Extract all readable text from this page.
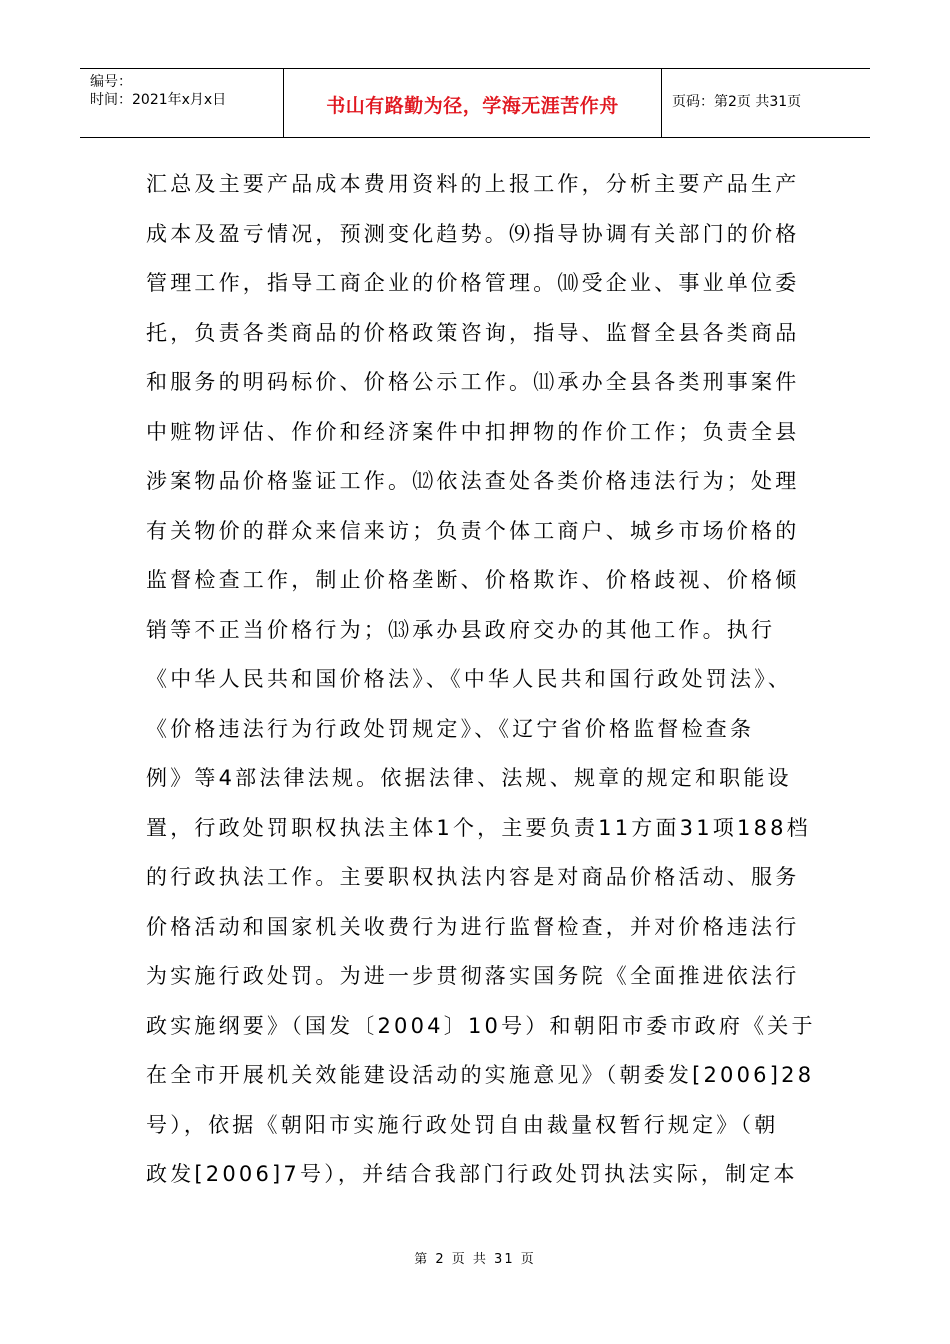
编号：
时间：2021年x月x日	书山有路勤为径，学海无涯苦作舟	页码：第2页 共31页
汇总及主要产品成本费用资料的上报工作，分析主要产品生产
成本及盈亏情况，预测变化趋势。⑼指导协调有关部门的价格
管理工作，指导工商企业的价格管理。⑽受企业、事业单位委
托，负责各类商品的价格政策咨询，指导、监督全县各类商品
和服务的明码标价、价格公示工作。⑾承办全县各类刑事案件
中赃物评估、作价和经济案件中扣押物的作价工作；负责全县
涉案物品价格鉴证工作。⑿依法查处各类价格违法行为；处理
有关物价的群众来信来访；负责个体工商户、城乡市场价格的
监督检查工作，制止价格垄断、价格欺诈、价格歧视、价格倾
销等不正当价格行为；⒀承办县政府交办的其他工作。执行
《中华人民共和国价格法》、《中华人民共和国行政处罚法》、
《价格违法行为行政处罚规定》、《辽宁省价格监督检查条
例》等4部法律法规。依据法律、法规、规章的规定和职能设
置，行政处罚职权执法主体1个，主要负责11方面31项188档
的行政执法工作。主要职权执法内容是对商品价格活动、服务
价格活动和国家机关收费行为进行监督检查，并对价格违法行
为实施行政处罚。为进一步贯彻落实国务院《全面推进依法行
政实施纲要》（国发〔2004〕10号）和朝阳市委市政府《关于
在全市开展机关效能建设活动的实施意见》（朝委发[2006]28
号），依据《朝阳市实施行政处罚自由裁量权暂行规定》（朝
政发[2006]7号），并结合我部门行政处罚执法实际，制定本
第 2 页 共 31 页
